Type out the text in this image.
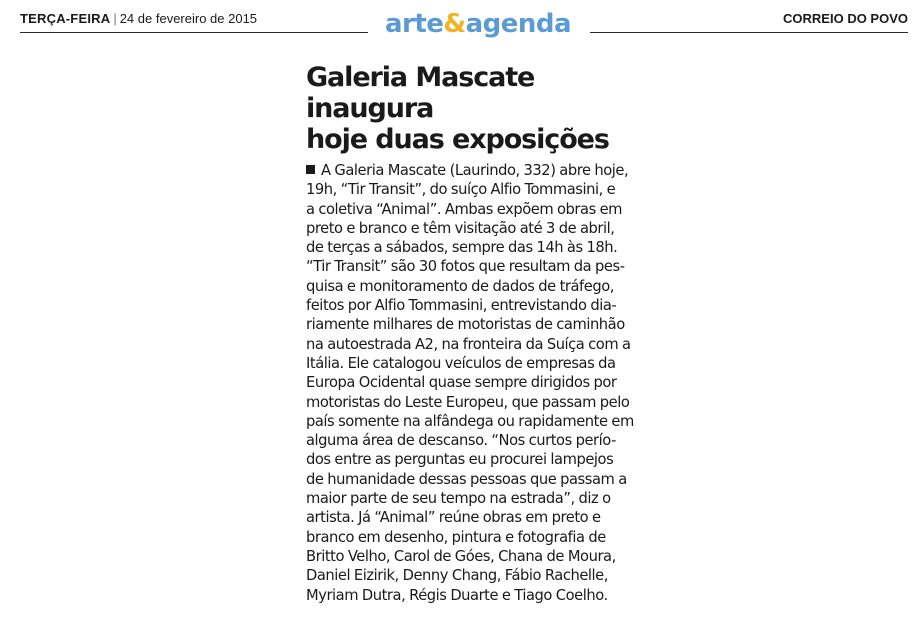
TERÇA-FEIRA | 24 de fevereiro de 2015	arte&agenda	CORREIO DO POVO
Galeria Mascate inaugura
hoje duas exposições

A Galeria Mascate (Laurindo, 332) abre hoje,
19h, “Tir Transit”, do suíço Alfio Tommasini, e
a coletiva “Animal”. Ambas expõem obras em
preto e branco e têm visitação até 3 de abril,
de terças a sábados, sempre das 14h às 18h.
“Tir Transit” são 30 fotos que resultam da pes-
quisa e monitoramento de dados de tráfego,
feitos por Alfio Tommasini, entrevistando dia-
riamente milhares de motoristas de caminhão
na autoestrada A2, na fronteira da Suíça com a
Itália. Ele catalogou veículos de empresas da
Europa Ocidental quase sempre dirigidos por
motoristas do Leste Europeu, que passam pelo
país somente na alfândega ou rapidamente em
alguma área de descanso. “Nos curtos perío-
dos entre as perguntas eu procurei lampejos
de humanidade dessas pessoas que passam a
maior parte de seu tempo na estrada”, diz o
artista. Já “Animal” reúne obras em preto e
branco em desenho, pintura e fotografia de
Britto Velho, Carol de Góes, Chana de Moura,
Daniel Eizirik, Denny Chang, Fábio Rachelle,
Myriam Dutra, Régis Duarte e Tiago Coelho.
